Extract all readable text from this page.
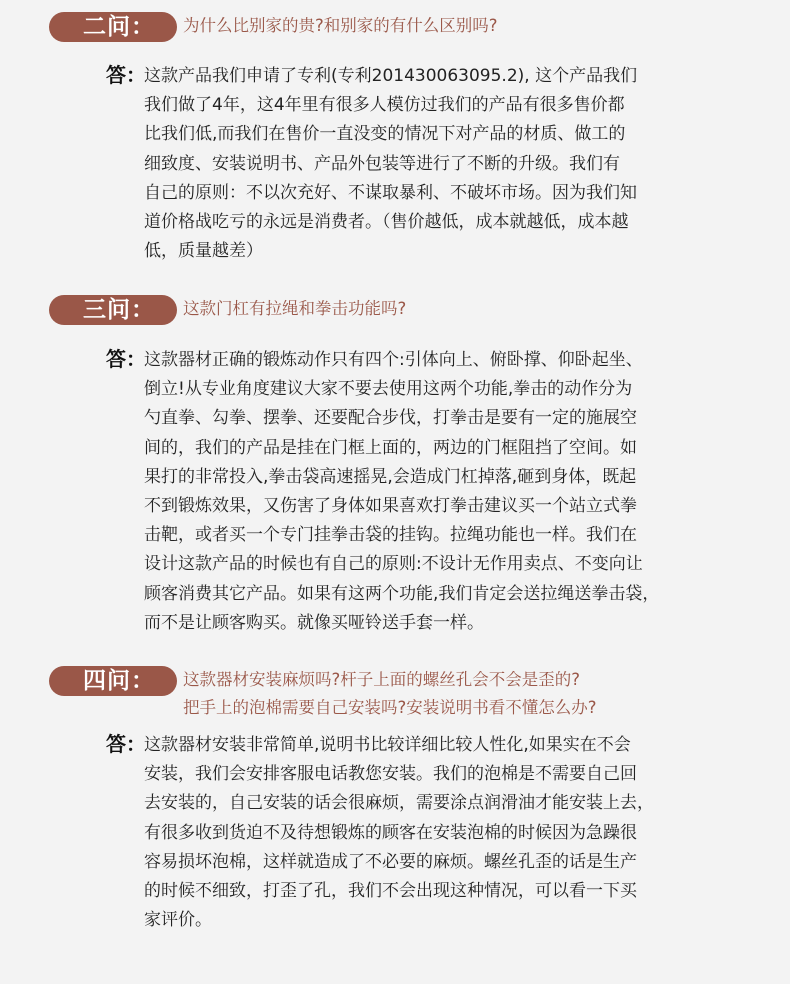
二问：	为什么比别家的贵?和别家的有什么区别吗?
答：
这款产品我们申请了专利(专利201430063095.2), 这个产品我们
我们做了4年，这4年里有很多人模仿过我们的产品有很多售价都
比我们低,而我们在售价一直没变的情况下对产品的材质、做工的
细致度、安装说明书、产品外包装等进行了不断的升级。我们有
自己的原则：不以次充好、不谋取暴利、不破坏市场。因为我们知
道价格战吃亏的永远是消费者。（售价越低，成本就越低，成本越
低，质量越差）
三问：	这款门杠有拉绳和拳击功能吗?
答：
这款器材正确的锻炼动作只有四个:引体向上、俯卧撑、仰卧起坐、
倒立!从专业角度建议大家不要去使用这两个功能,拳击的动作分为
勺直拳、勾拳、摆拳、还要配合步伐，打拳击是要有一定的施展空
间的，我们的产品是挂在门框上面的，两边的门框阻挡了空间。如
果打的非常投入,拳击袋高速摇晃,会造成门杠掉落,砸到身体，既起
不到锻炼效果，又伤害了身体如果喜欢打拳击建议买一个站立式拳
击靶，或者买一个专门挂拳击袋的挂钩。拉绳功能也一样。我们在
设计这款产品的时候也有自己的原则:不设计无作用卖点、不变向让
顾客消费其它产品。如果有这两个功能,我们肯定会送拉绳送拳击袋，
而不是让顾客购买。就像买哑铃送手套一样。
四问：	这款器材安装麻烦吗?杆子上面的螺丝孔会不会是歪的?
把手上的泡棉需要自己安装吗?安装说明书看不懂怎么办?
答：
这款器材安装非常简单,说明书比较详细比较人性化,如果实在不会
安装，我们会安排客服电话教您安装。我们的泡棉是不需要自己回
去安装的，自己安装的话会很麻烦，需要涂点润滑油才能安装上去，
有很多收到货迫不及待想锻炼的顾客在安装泡棉的时候因为急躁很
容易损坏泡棉，这样就造成了不必要的麻烦。螺丝孔歪的话是生产
的时候不细致，打歪了孔，我们不会出现这种情况，可以看一下买
家评价。
